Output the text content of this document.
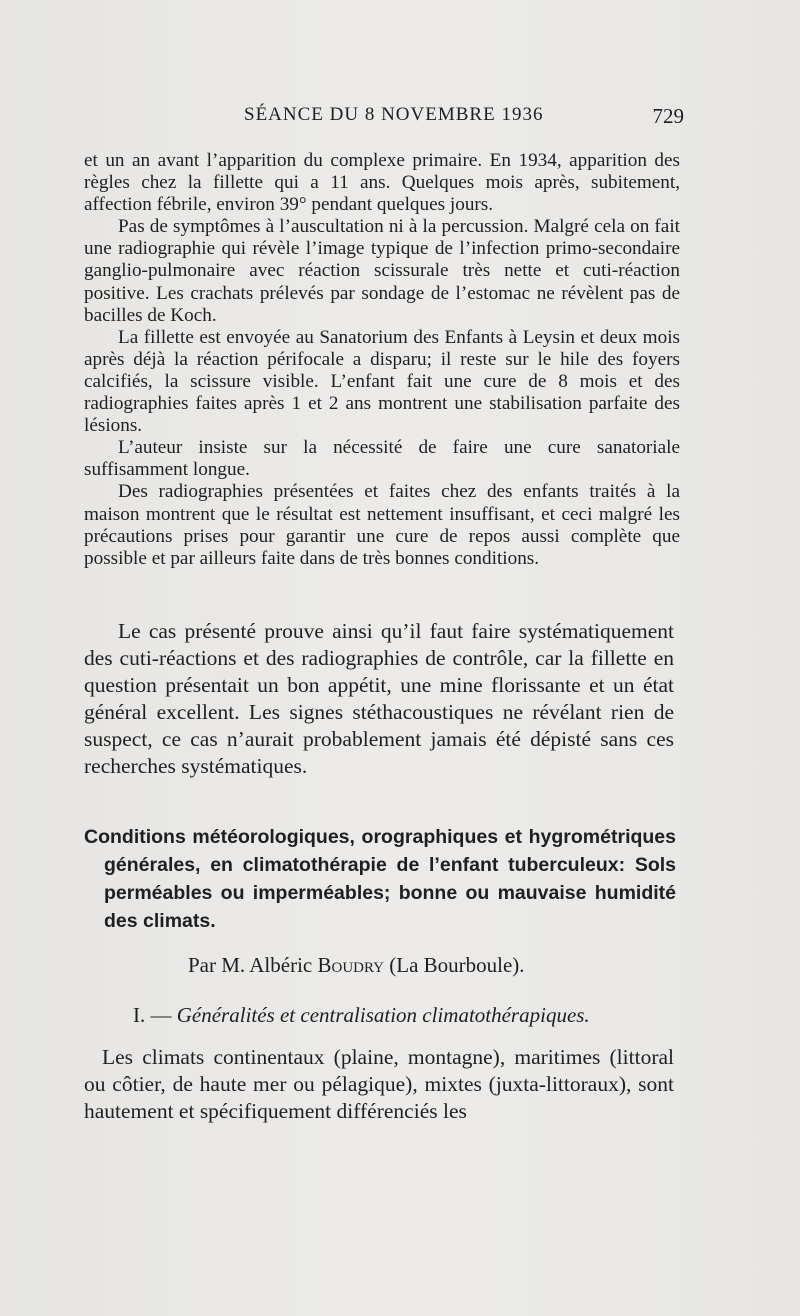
SÉANCE DU 8 NOVEMBRE 1936	729

et un an avant l’apparition du complexe primaire. En 1934, apparition des règles chez la fillette qui a 11 ans. Quelques mois après, subitement, affection fébrile, environ 39° pendant quelques jours.

Pas de symptômes à l’auscultation ni à la percussion. Malgré cela on fait une radiographie qui révèle l’image typique de l’infection primo-secondaire ganglio-pulmonaire avec réaction scissurale très nette et cuti-réaction positive. Les crachats prélevés par sondage de l’estomac ne révèlent pas de bacilles de Koch.

La fillette est envoyée au Sanatorium des Enfants à Leysin et deux mois après déjà la réaction périfocale a disparu; il reste sur le hile des foyers calcifiés, la scissure visible. L’enfant fait une cure de 8 mois et des radiographies faites après 1 et 2 ans montrent une stabilisation parfaite des lésions.

L’auteur insiste sur la nécessité de faire une cure sanatoriale suffisamment longue.

Des radiographies présentées et faites chez des enfants traités à la maison montrent que le résultat est nettement insuffisant, et ceci malgré les précautions prises pour garantir une cure de repos aussi complète que possible et par ailleurs faite dans de très bonnes conditions.

Le cas présenté prouve ainsi qu’il faut faire systématiquement des cuti-réactions et des radiographies de contrôle, car la fillette en question présentait un bon appétit, une mine florissante et un état général excellent. Les signes stéthacoustiques ne révélant rien de suspect, ce cas n’aurait probablement jamais été dépisté sans ces recherches systématiques.

Conditions météorologiques, orographiques et hygrométriques générales, en climatothérapie de l’enfant tuberculeux: Sols perméables ou imperméables; bonne ou mauvaise humidité des climats.
Par M. Albéric Boudry (La Bourboule).
I. — Généralités et centralisation climatothérapiques.

Les climats continentaux (plaine, montagne), maritimes (littoral ou côtier, de haute mer ou pélagique), mixtes (juxta-littoraux), sont hautement et spécifiquement différenciés les
